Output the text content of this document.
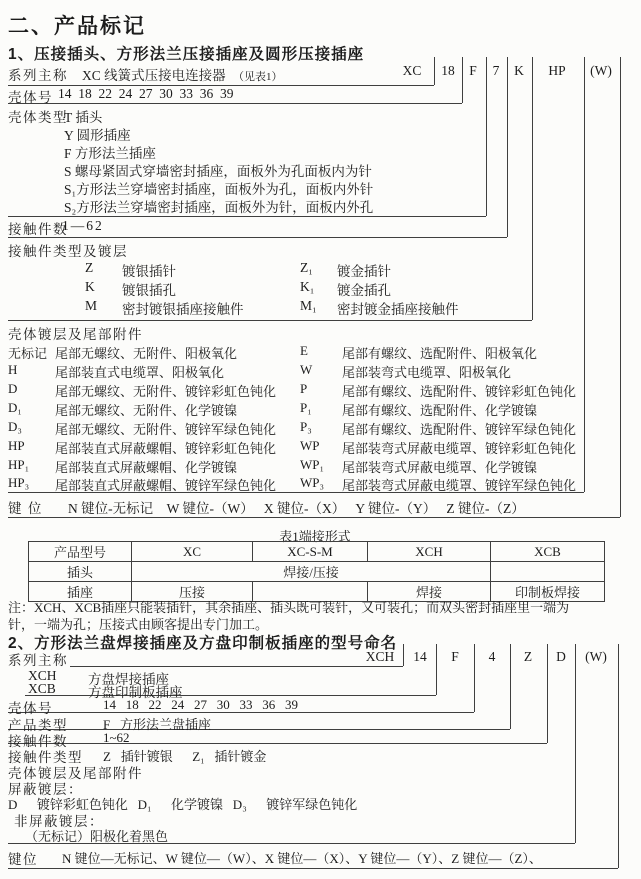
二、产品标记
1、压接插头、方形法兰压接插座及圆形压接插座
XC 18 F 7 K HP (W)
系列主称 XC 线簧式压接电连接器 （见表1）
壳体号 14  18  22  24  27  30  33  36  39
壳体类型
T 插头
Y 圆形插座
F 方形法兰插座
S 螺母紧固式穿墙密封插座，面板外为孔面板内为针
S₁方形法兰穿墙密封插座，面板外为孔，面板内外针
S₂方形法兰穿墙密封插座，面板外为针，面板内外孔
接触件数
1—62
接触件类型及镀层
Z 镀银插针	Z₁ 镀金插针
K 镀银插孔	K₁ 镀金插孔
M 密封镀银插座接触件	M₁ 密封镀金插座接触件
壳体镀层及尾部附件
无标记 尾部无螺纹、无附件、阳极氧化	E	尾部有螺纹、选配附件、阳极氧化
H	尾部装直式电缆罩、阳极氧化	W 尾部装弯式电缆罩、阳极氧化
D	尾部无螺纹、无附件、镀锌彩虹色钝化 P	尾部有螺纹、选配附件、镀锌彩虹色钝化
D₁	尾部无螺纹、无附件、化学镀镍	P₁ 尾部有螺纹、选配附件、化学镀镍
D₃	尾部无螺纹、无附件、镀锌军绿色钝化 P₃ 尾部有螺纹、选配附件、镀锌军绿色钝化
HP 尾部装直式屏蔽螺帽、镀锌彩虹色钝化 WP 尾部装弯式屏蔽电缆罩、镀锌彩虹色钝化
HP₁ 尾部装直式屏蔽螺帽、化学镀镍	WP₁ 尾部装弯式屏蔽电缆罩、化学镀镍
HP₃ 尾部装直式屏蔽螺帽、镀锌军绿色钝化 WP₃ 尾部装弯式屏蔽电缆罩、镀锌军绿色钝化
键 位 N 键位-无标记    W 键位-（W）   X 键位-（X）   Y 键位-（Y）   Z 键位-（Z）
表1端接形式
产品型号	XC	XC-S-M	XCH	XCB
插头	焊接/压接			
插座	压接		焊接	印制板焊接
注：XCH、XCB插座只能装插针，其余插座、插头既可装针，又可装孔；而双头密封插座里一端为
针，一端为孔；压接式由顾客提出专门加工。
2、方形法兰盘焊接插座及方盘印制板插座的型号命名
XCH 14 F 4 Z D (W)
系列主称
XCH 方盘焊接插座
XCB 方盘印制板插座
壳体号	14   18   22   24   27   30   33   36   39
产品类型	F   方形法兰盘插座
接触件数	1~62
接触件类型 Z   插针镀银      Z₁   插针镀金
壳体镀层及尾部附件
屏蔽镀层：
D      镀锌彩虹色钝化   D₁      化学镀镍   D₃      镀锌军绿色钝化
非屏蔽镀层：
（无标记）阳极化着黑色
键位 N 键位—无标记、W 键位—（W）、X 键位—（X）、Y 键位—（Y）、Z 键位—（Z）、
